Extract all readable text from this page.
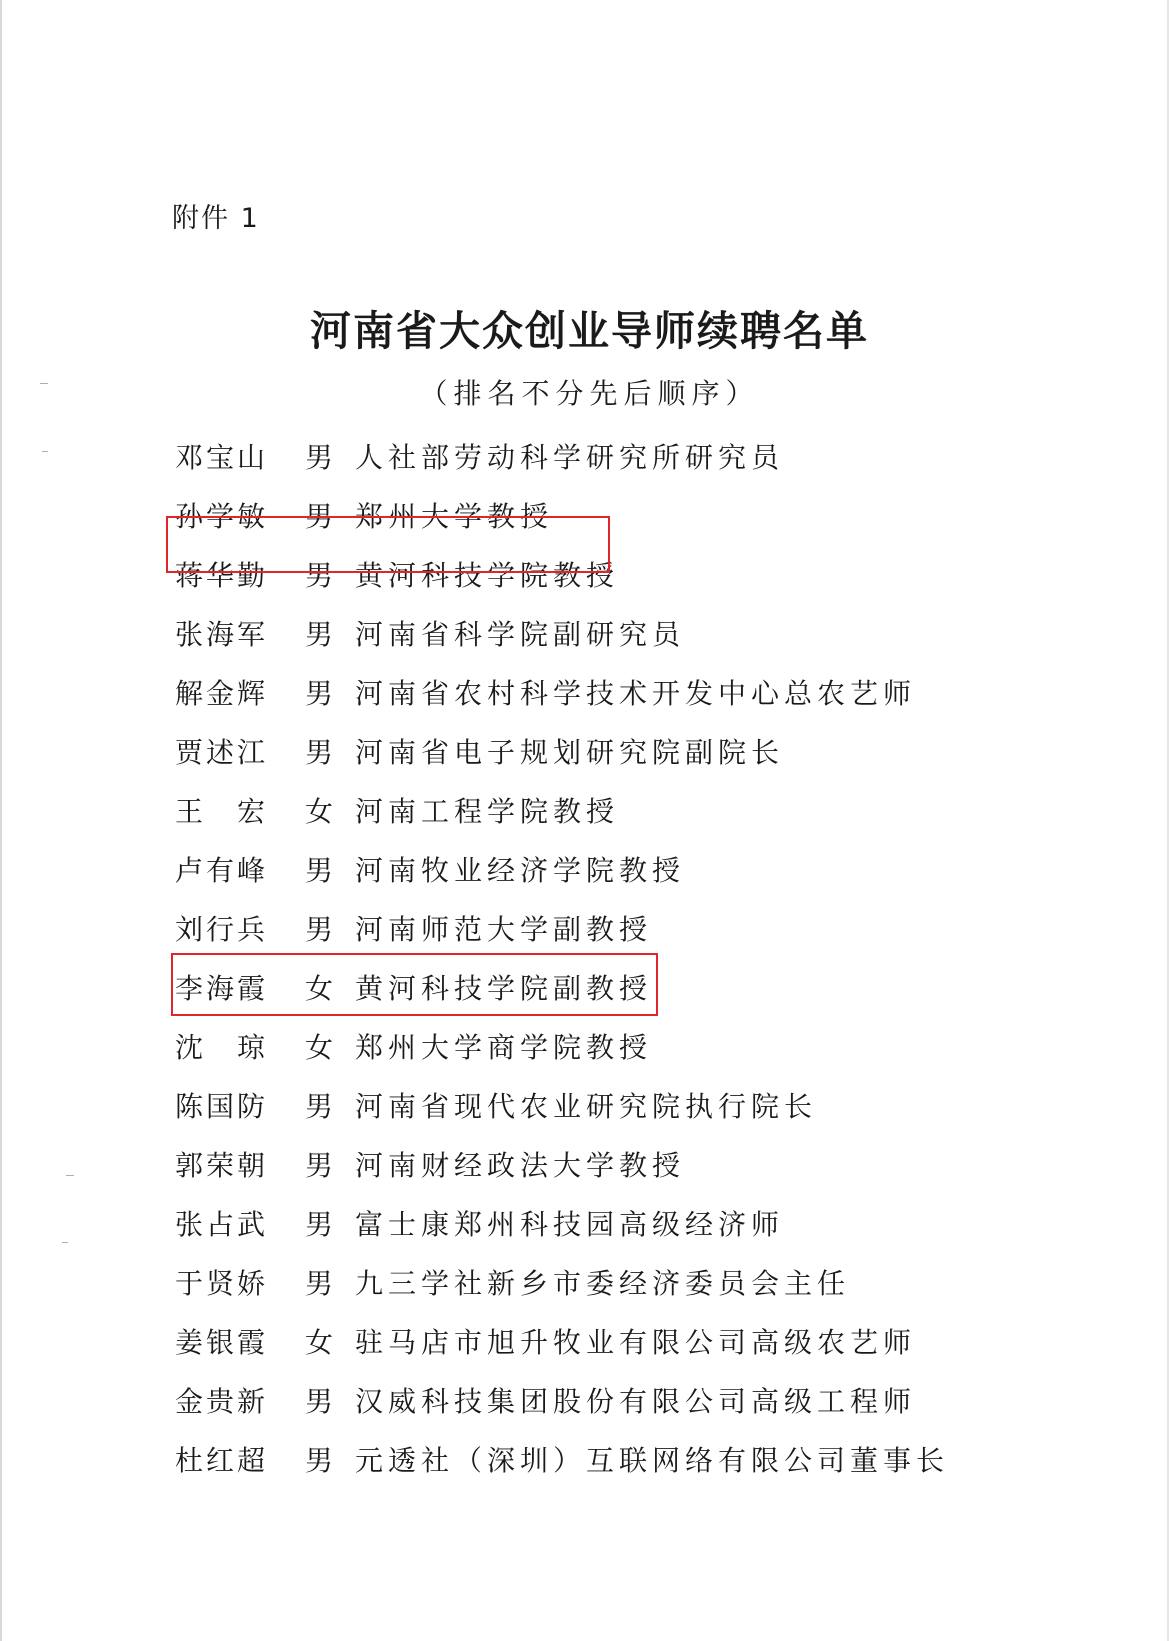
附件 1
河南省大众创业导师续聘名单
（排名不分先后顺序）
邓宝山	男 人社部劳动科学研究所研究员
孙学敏	男 郑州大学教授
蒋华勤	男 黄河科技学院教授
张海军	男 河南省科学院副研究员
解金辉	男 河南省农村科学技术开发中心总农艺师
贾述江	男 河南省电子规划研究院副院长
王　宏	女 河南工程学院教授
卢有峰	男 河南牧业经济学院教授
刘行兵	男 河南师范大学副教授
李海霞	女 黄河科技学院副教授
沈　琼	女 郑州大学商学院教授
陈国防	男 河南省现代农业研究院执行院长
郭荣朝	男 河南财经政法大学教授
张占武	男 富士康郑州科技园高级经济师
于贤娇	男 九三学社新乡市委经济委员会主任
姜银霞	女 驻马店市旭升牧业有限公司高级农艺师
金贵新	男 汉威科技集团股份有限公司高级工程师
杜红超	男 元透社（深圳）互联网络有限公司董事长
